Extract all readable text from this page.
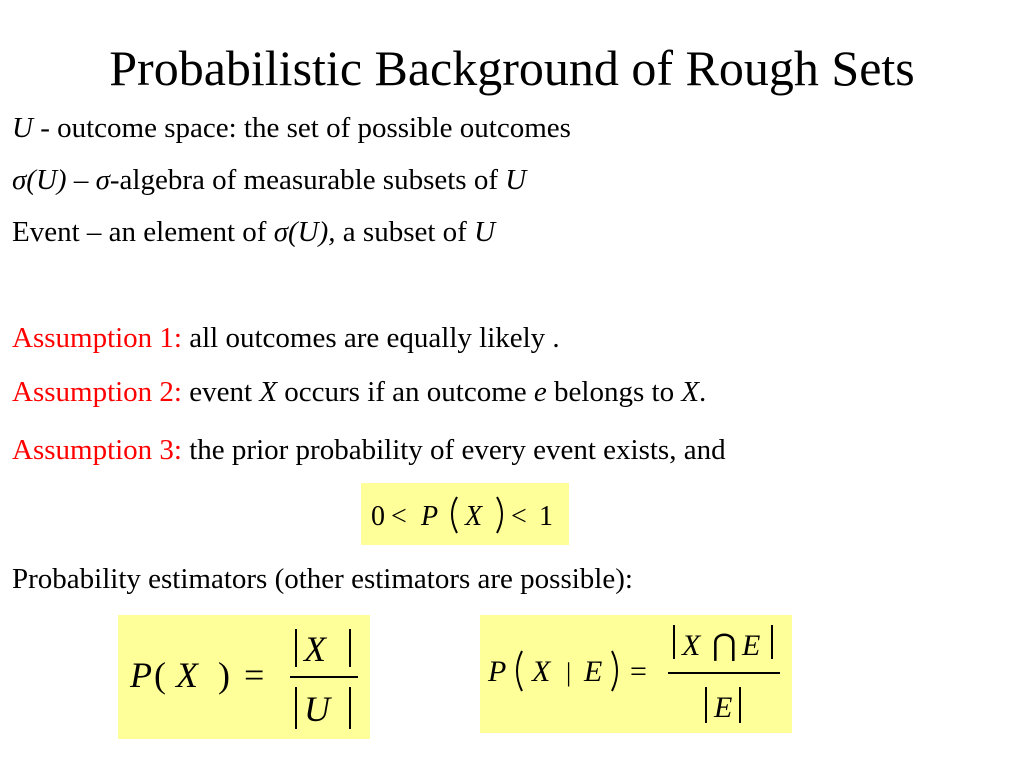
Probabilistic Background of Rough Sets
U - outcome space: the set of possible outcomes
σ(U) – σ-algebra of measurable subsets of U
Event – an element of σ(U), a subset of U
Assumption 1: all outcomes are equally likely .
Assumption 2: event X occurs if an outcome e belongs to X.
Assumption 3: the prior probability of every event exists, and
0 < P X < 1
Probability estimators (other estimators are possible):
P ( X ) =
X
U
P X | E =
X ⋂ E
E
